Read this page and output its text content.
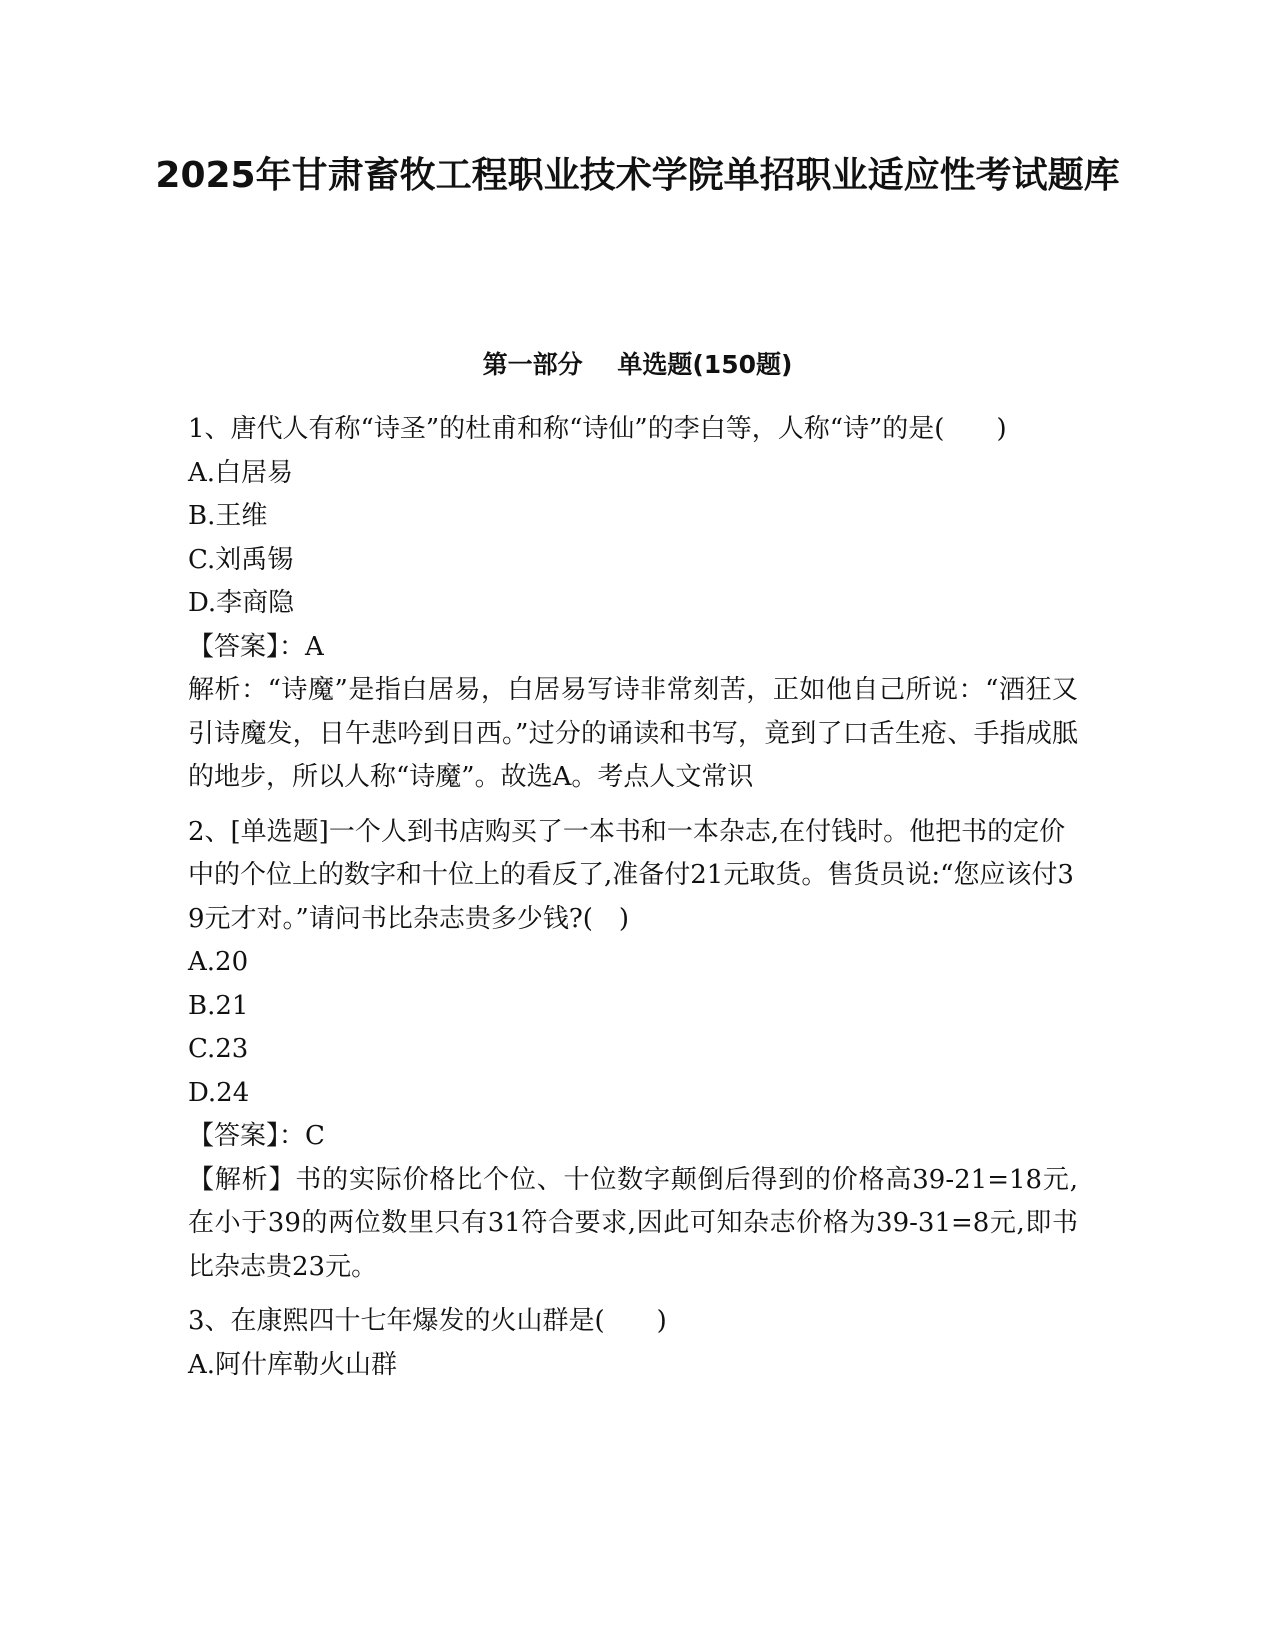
2025年甘肃畜牧工程职业技术学院单招职业适应性考试题库
第一部分    单选题(150题)

1、唐代人有称“诗圣”的杜甫和称“诗仙”的李白等，人称“诗”的是(　　)

A.白居易
B.王维
C.刘禹锡
D.李商隐

【答案】：A

解析：“诗魔”是指白居易，白居易写诗非常刻苦，正如他自己所说：“酒狂又引诗魔发，日午悲吟到日西。”过分的诵读和书写，竟到了口舌生疮、手指成胝的地步，所以人称“诗魔”。故选A。考点人文常识

2、[单选题]一个人到书店购买了一本书和一本杂志,在付钱时。他把书的定价中的个位上的数字和十位上的看反了,准备付21元取货。售货员说:“您应该付39元才对。”请问书比杂志贵多少钱?(　)

A.20
B.21
C.23
D.24

【答案】：C

【解析】书的实际价格比个位、十位数字颠倒后得到的价格高39-21=18元,在小于39的两位数里只有31符合要求,因此可知杂志价格为39-31=8元,即书比杂志贵23元。

3、在康熙四十七年爆发的火山群是(　　)

A.阿什库勒火山群
